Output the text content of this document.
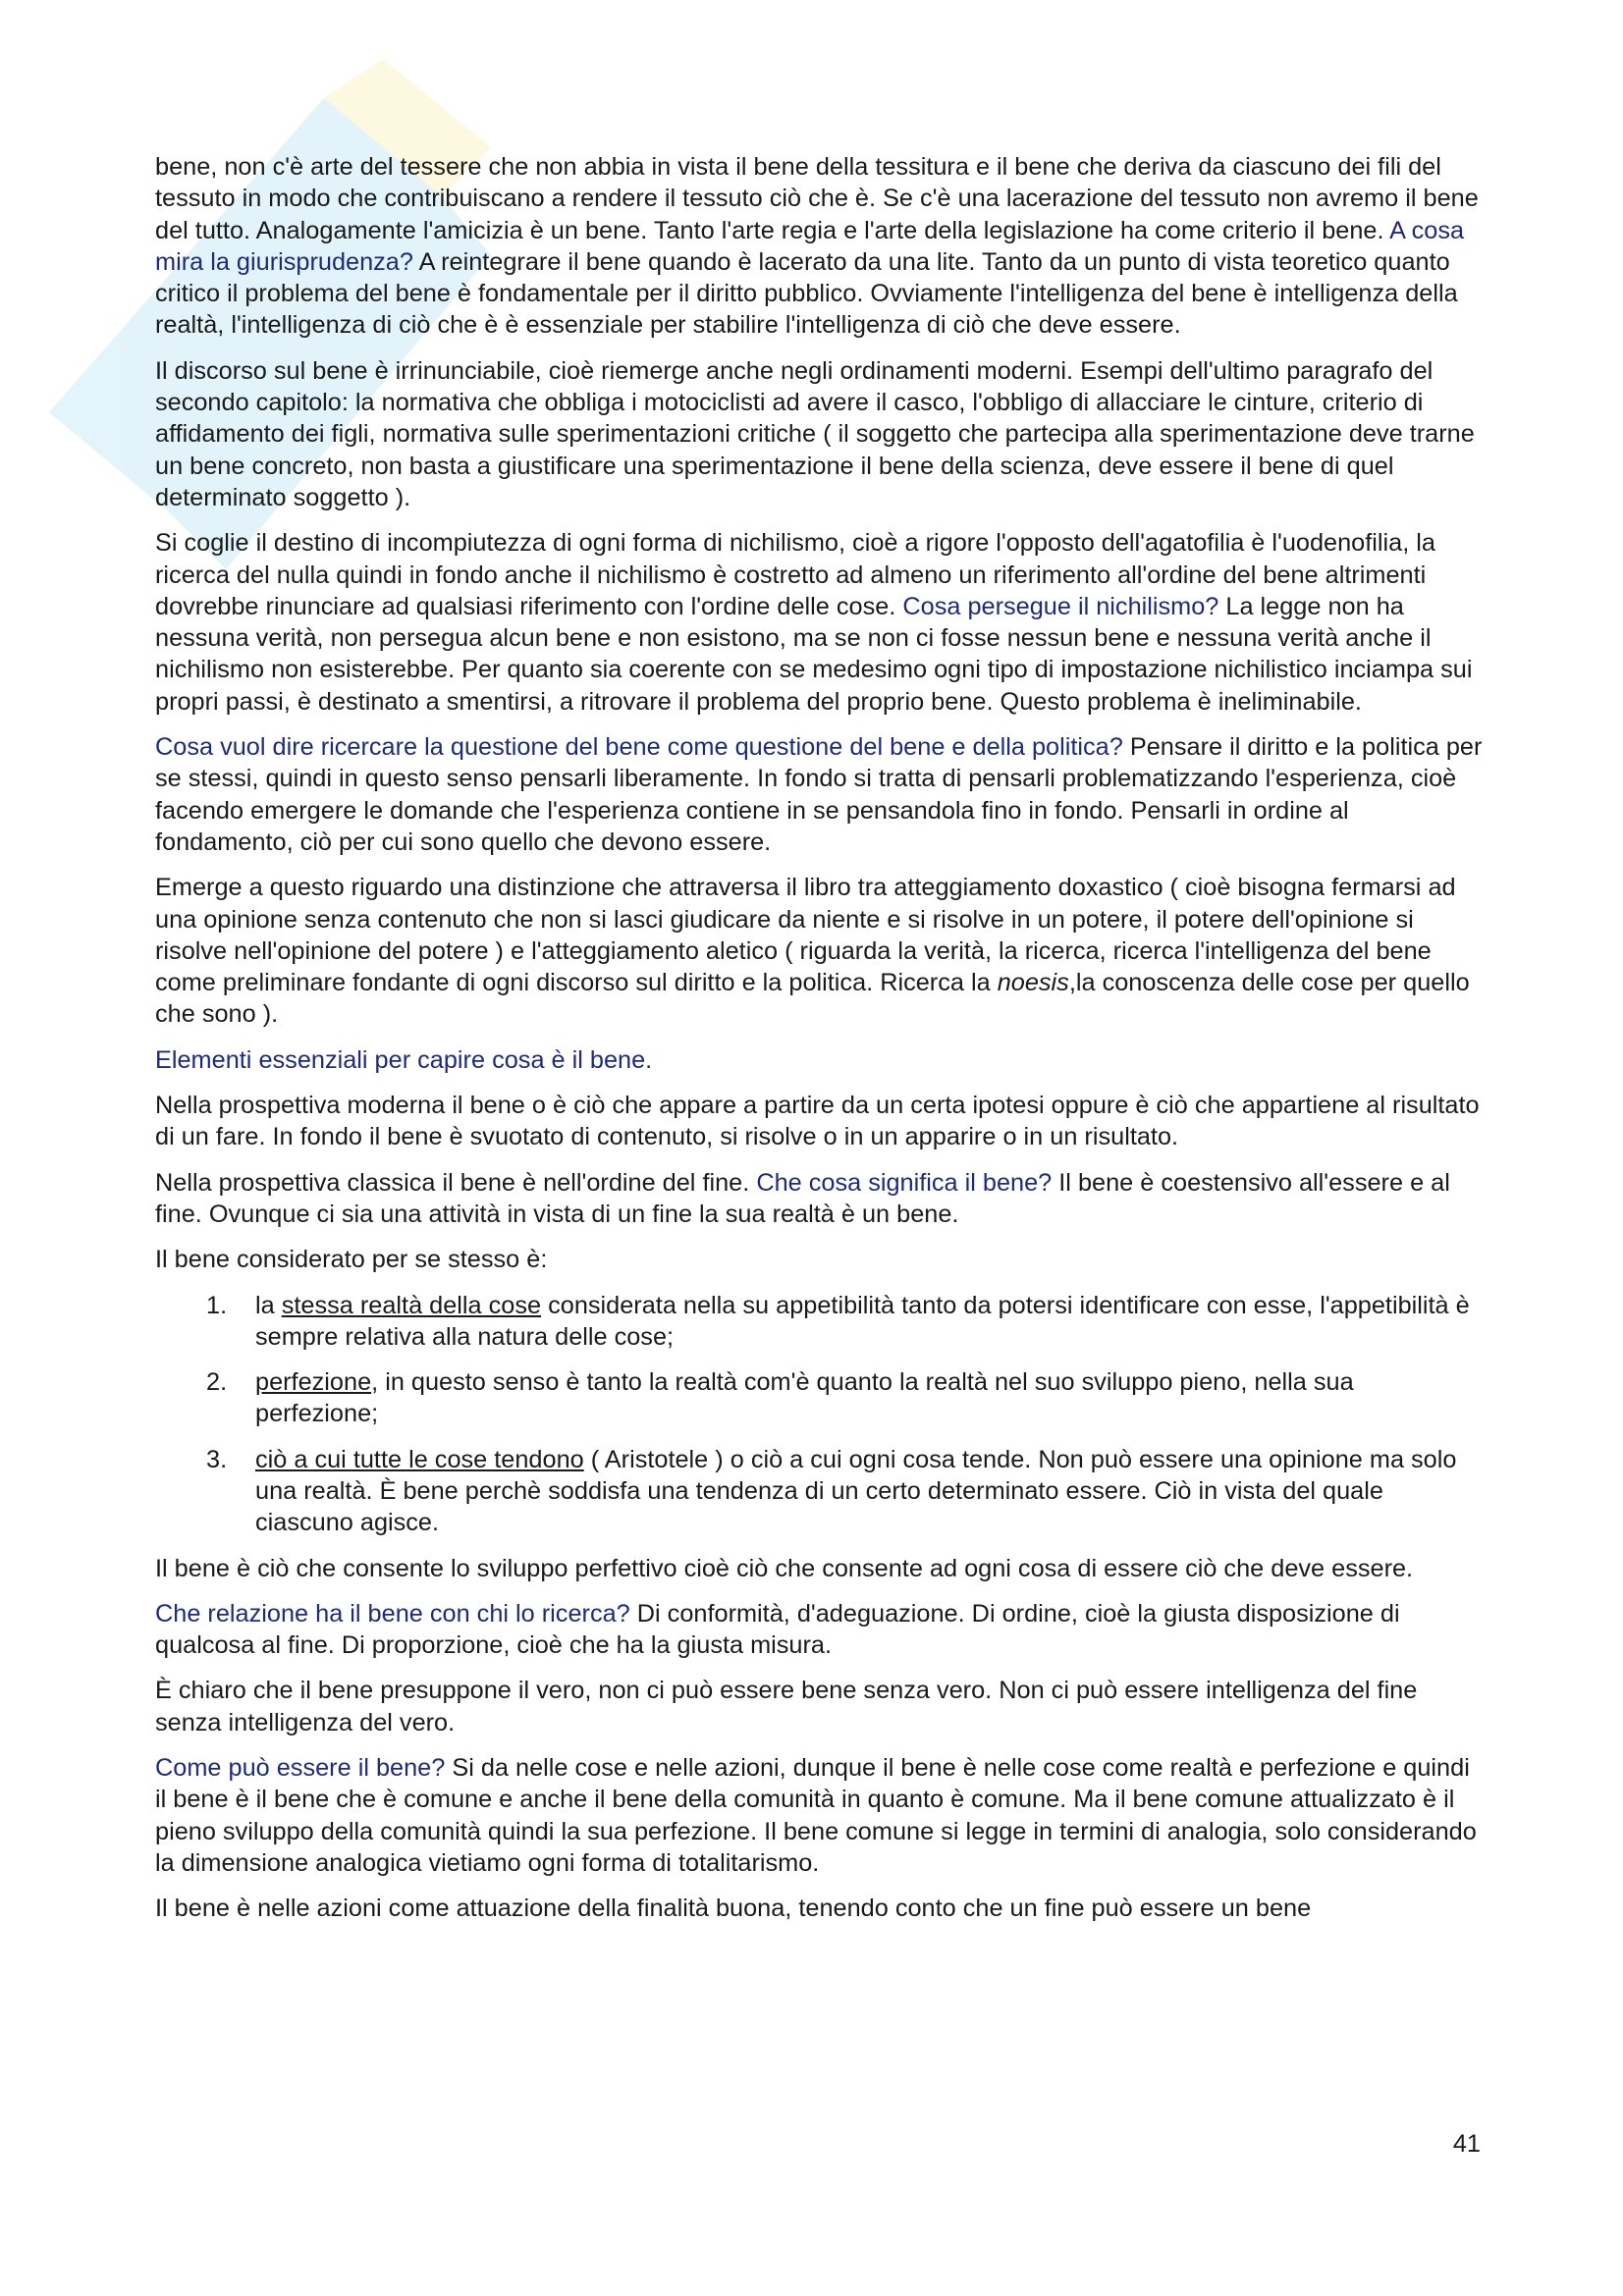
bene, non c'è arte del tessere che non abbia in vista il bene della tessitura e il bene che deriva da ciascuno dei fili del tessuto in modo che contribuiscano a rendere il tessuto ciò che è. Se c'è una lacerazione del tessuto non avremo il bene del tutto. Analogamente l'amicizia è un bene. Tanto l'arte regia e l'arte della legislazione ha come criterio il bene. A cosa mira la giurisprudenza? A reintegrare il bene quando è lacerato da una lite. Tanto da un punto di vista teoretico quanto critico il problema del bene è fondamentale per il diritto pubblico. Ovviamente l'intelligenza del bene è intelligenza della realtà, l'intelligenza di ciò che è è essenziale per stabilire l'intelligenza di ciò che deve essere.

Il discorso sul bene è irrinunciabile, cioè riemerge anche negli ordinamenti moderni. Esempi dell'ultimo paragrafo del secondo capitolo: la normativa che obbliga i motociclisti ad avere il casco, l'obbligo di allacciare le cinture, criterio di affidamento dei figli, normativa sulle sperimentazioni critiche ( il soggetto che partecipa alla sperimentazione deve trarne un bene concreto, non basta a giustificare una sperimentazione il bene della scienza, deve essere il bene di quel determinato soggetto ).

Si coglie il destino di incompiutezza di ogni forma di nichilismo, cioè a rigore l'opposto dell'agatofilia è l'uodenofilia, la ricerca del nulla quindi in fondo anche il nichilismo è costretto ad almeno un riferimento all'ordine del bene altrimenti dovrebbe rinunciare ad qualsiasi riferimento con l'ordine delle cose. Cosa persegue il nichilismo? La legge non ha nessuna verità, non persegua alcun bene e non esistono, ma se non ci fosse nessun bene e nessuna verità anche il nichilismo non esisterebbe. Per quanto sia coerente con se medesimo ogni tipo di impostazione nichilistico inciampa sui propri passi, è destinato a smentirsi, a ritrovare il problema del proprio bene. Questo problema è ineliminabile.

Cosa vuol dire ricercare la questione del bene come questione del bene e della politica? Pensare il diritto e la politica per se stessi, quindi in questo senso pensarli liberamente. In fondo si tratta di pensarli problematizzando l'esperienza, cioè facendo emergere le domande che l'esperienza contiene in se pensandola fino in fondo. Pensarli in ordine al fondamento, ciò per cui sono quello che devono essere.

Emerge a questo riguardo una distinzione che attraversa il libro tra atteggiamento doxastico ( cioè bisogna fermarsi ad una opinione senza contenuto che non si lasci giudicare da niente e si risolve in un potere, il potere dell'opinione si risolve nell'opinione del potere ) e l'atteggiamento aletico ( riguarda la verità, la ricerca, ricerca l'intelligenza del bene come preliminare fondante di ogni discorso sul diritto e la politica. Ricerca la noesis,la conoscenza delle cose per quello che sono ).

Elementi essenziali per capire cosa è il bene.

Nella prospettiva moderna il bene o è ciò che appare a partire da un certa ipotesi oppure è ciò che appartiene al risultato di un fare. In fondo il bene è svuotato di contenuto, si risolve o in un apparire o in un risultato.

Nella prospettiva classica il bene è nell'ordine del fine. Che cosa significa il bene? Il bene è coestensivo all'essere e al fine. Ovunque ci sia una attività in vista di un fine la sua realtà è un bene.

Il bene considerato per se stesso è:

1. la stessa realtà della cose considerata nella su appetibilità tanto da potersi identificare con esse, l'appetibilità è sempre relativa alla natura delle cose;
2. perfezione, in questo senso è tanto la realtà com'è quanto la realtà nel suo sviluppo pieno, nella sua perfezione;
3. ciò a cui tutte le cose tendono ( Aristotele ) o ciò a cui ogni cosa tende. Non può essere una opinione ma solo una realtà. È bene perchè soddisfa una tendenza di un certo determinato essere. Ciò in vista del quale ciascuno agisce.

Il bene è ciò che consente lo sviluppo perfettivo cioè ciò che consente ad ogni cosa di essere ciò che deve essere.

Che relazione ha il bene con chi lo ricerca? Di conformità, d'adeguazione. Di ordine, cioè la giusta disposizione di qualcosa al fine. Di proporzione, cioè che ha la giusta misura.

È chiaro che il bene presuppone il vero, non ci può essere bene senza vero. Non ci può essere intelligenza del fine senza intelligenza del vero.

Come può essere il bene? Si da nelle cose e nelle azioni, dunque il bene è nelle cose come realtà e perfezione e quindi il bene è il bene che è comune e anche il bene della comunità in quanto è comune. Ma il bene comune attualizzato è il pieno sviluppo della comunità quindi la sua perfezione. Il bene comune si legge in termini di analogia, solo considerando la dimensione analogica vietiamo ogni forma di totalitarismo.

Il bene è nelle azioni come attuazione della finalità buona, tenendo conto che un fine può essere un bene

41
